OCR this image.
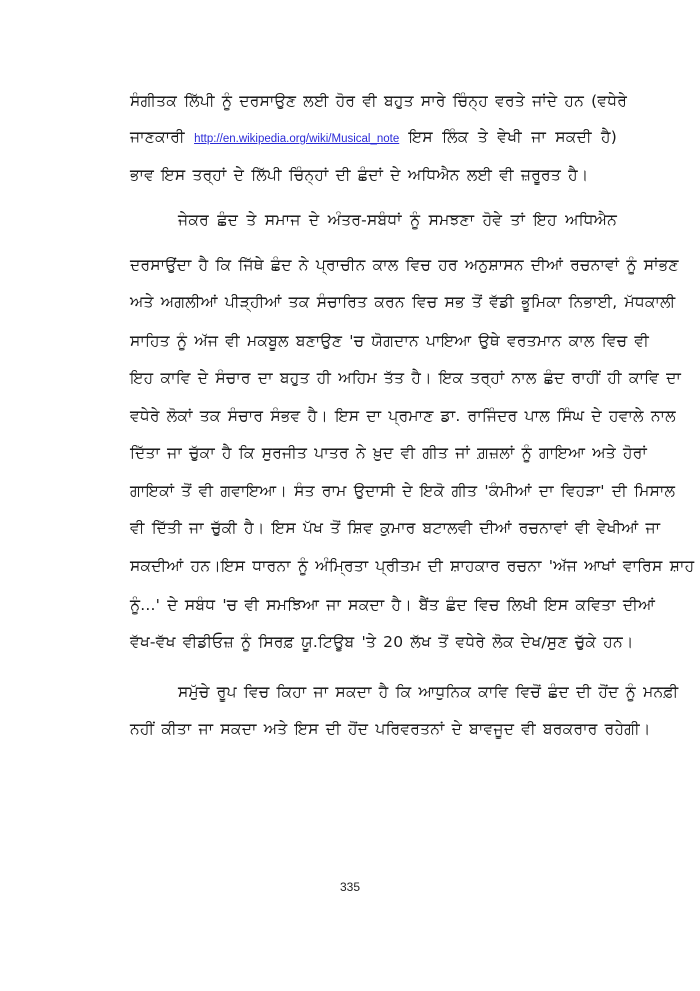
ਸੰਗੀਤਕ ਲਿੱਪੀ ਨੂੰ ਦਰਸਾਉਣ ਲਈ ਹੋਰ ਵੀ ਬਹੁਤ ਸਾਰੇ ਚਿੰਨ੍ਹ ਵਰਤੇ ਜਾਂਦੇ ਹਨ (ਵਧੇਰੇ
ਜਾਣਕਾਰੀ http://en.wikipedia.org/wiki/Musical_note ਇਸ ਲਿੰਕ ਤੇ ਵੇਖੀ ਜਾ ਸਕਦੀ ਹੈ)
ਭਾਵ ਇਸ ਤਰ੍ਹਾਂ ਦੇ ਲਿੱਪੀ ਚਿੰਨ੍ਹਾਂ ਦੀ ਛੰਦਾਂ ਦੇ ਅਧਿਐਨ ਲਈ ਵੀ ਜ਼ਰੂਰਤ ਹੈ।
ਜੇਕਰ ਛੰਦ ਤੇ ਸਮਾਜ ਦੇ ਅੰਤਰ-ਸਬੰਧਾਂ ਨੂੰ ਸਮਝਣਾ ਹੋਵੇ ਤਾਂ ਇਹ ਅਧਿਐਨ
ਦਰਸਾਉਂਦਾ ਹੈ ਕਿ ਜਿੱਥੇ ਛੰਦ ਨੇ ਪ੍ਰਾਚੀਨ ਕਾਲ ਵਿਚ ਹਰ ਅਨੁਸ਼ਾਸਨ ਦੀਆਂ ਰਚਨਾਵਾਂ ਨੂੰ ਸਾਂਭਣ
ਅਤੇ ਅਗਲੀਆਂ ਪੀੜ੍ਹੀਆਂ ਤਕ ਸੰਚਾਰਿਤ ਕਰਨ ਵਿਚ ਸਭ ਤੋਂ ਵੱਡੀ ਭੂਮਿਕਾ ਨਿਭਾਈ, ਮੱਧਕਾਲੀ
ਸਾਹਿਤ ਨੂੰ ਅੱਜ ਵੀ ਮਕਬੂਲ ਬਣਾਉਣ 'ਚ ਯੋਗਦਾਨ ਪਾਇਆ ਉਥੇ ਵਰਤਮਾਨ ਕਾਲ ਵਿਚ ਵੀ
ਇਹ ਕਾਵਿ ਦੇ ਸੰਚਾਰ ਦਾ ਬਹੁਤ ਹੀ ਅਹਿਮ ਤੱਤ ਹੈ। ਇਕ ਤਰ੍ਹਾਂ ਨਾਲ ਛੰਦ ਰਾਹੀਂ ਹੀ ਕਾਵਿ ਦਾ
ਵਧੇਰੇ ਲੋਕਾਂ ਤਕ ਸੰਚਾਰ ਸੰਭਵ ਹੈ। ਇਸ ਦਾ ਪ੍ਰਮਾਣ ਡਾ. ਰਾਜਿੰਦਰ ਪਾਲ ਸਿੰਘ ਦੇ ਹਵਾਲੇ ਨਾਲ
ਦਿੱਤਾ ਜਾ ਚੁੱਕਾ ਹੈ ਕਿ ਸੁਰਜੀਤ ਪਾਤਰ ਨੇ ਖ਼ੁਦ ਵੀ ਗੀਤ ਜਾਂ ਗ਼ਜ਼ਲਾਂ ਨੂੰ ਗਾਇਆ ਅਤੇ ਹੋਰਾਂ
ਗਾਇਕਾਂ ਤੋਂ ਵੀ ਗਵਾਇਆ। ਸੰਤ ਰਾਮ ਉਦਾਸੀ ਦੇ ਇਕੋ ਗੀਤ 'ਕੰਮੀਆਂ ਦਾ ਵਿਹੜਾ' ਦੀ ਮਿਸਾਲ
ਵੀ ਦਿੱਤੀ ਜਾ ਚੁੱਕੀ ਹੈ। ਇਸ ਪੱਖ ਤੋਂ ਸ਼ਿਵ ਕੁਮਾਰ ਬਟਾਲਵੀ ਦੀਆਂ ਰਚਨਾਵਾਂ ਵੀ ਵੇਖੀਆਂ ਜਾ
ਸਕਦੀਆਂ ਹਨ।ਇਸ ਧਾਰਨਾ ਨੂੰ ਅੰਮ੍ਰਿਤਾ ਪ੍ਰੀਤਮ ਦੀ ਸ਼ਾਹਕਾਰ ਰਚਨਾ 'ਅੱਜ ਆਖਾਂ ਵਾਰਿਸ ਸ਼ਾਹ
ਨੂੰ...' ਦੇ ਸਬੰਧ 'ਚ ਵੀ ਸਮਝਿਆ ਜਾ ਸਕਦਾ ਹੈ। ਬੈਂਤ ਛੰਦ ਵਿਚ ਲਿਖੀ ਇਸ ਕਵਿਤਾ ਦੀਆਂ
ਵੱਖ-ਵੱਖ ਵੀਡੀਓਜ਼ ਨੂੰ ਸਿਰਫ਼ ਯੂ.ਟਿਊਬ 'ਤੇ 20 ਲੱਖ ਤੋਂ ਵਧੇਰੇ ਲੋਕ ਦੇਖ/ਸੁਣ ਚੁੱਕੇ ਹਨ।
ਸਮੁੱਚੇ ਰੂਪ ਵਿਚ ਕਿਹਾ ਜਾ ਸਕਦਾ ਹੈ ਕਿ ਆਧੁਨਿਕ ਕਾਵਿ ਵਿਚੋਂ ਛੰਦ ਦੀ ਹੋਂਦ ਨੂੰ ਮਨਫ਼ੀ
ਨਹੀਂ ਕੀਤਾ ਜਾ ਸਕਦਾ ਅਤੇ ਇਸ ਦੀ ਹੋਂਦ ਪਰਿਵਰਤਨਾਂ ਦੇ ਬਾਵਜੂਦ ਵੀ ਬਰਕਰਾਰ ਰਹੇਗੀ।
335
